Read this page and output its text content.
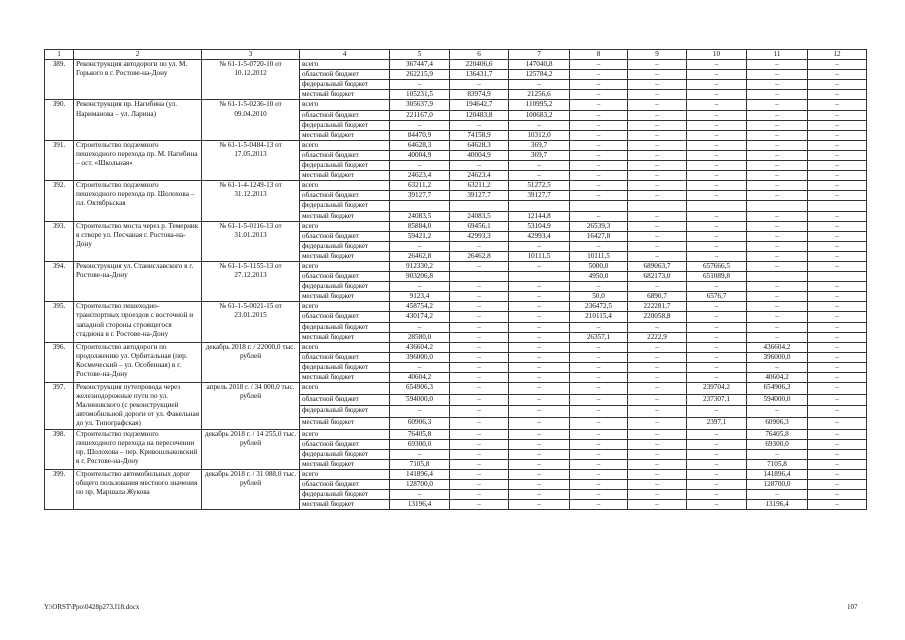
1	2	3	4	5	6	7	8	9	10	11	12
389.	Реконструкция автодороги по ул. М. Горького в г. Ростове-на-Дону	№ 61-1-5-0720-10 от 10.12.2012	всего	367447,4	220406,6	147040,8	–	–	–	–	–
			областной бюджет	262215,9	136431,7	125784,2	–	–	–	–	–
			федеральный бюджет	–	–	–	–	–	–	–	–
			местный бюджет	105231,5	83974,9	21256,6	–	–	–	–	–
390.	Реконструкция пр. Нагибина (ул. Нариманова – ул. Ларина)	№ 61-1-5-0236-10 от 09.04.2010	всего	305637,9	194642,7	110995,2	–	–	–	–	–
			областной бюджет	221167,0	120483,8	100683,2	–	–	–	–	–
			федеральный бюджет	–	–	–	–	–	–	–	–
			местный бюджет	84470,9	74158,9	10312,0	–	–	–	–	–
391.	Строительство подземного пешеходного перехода пр. М. Нагибина – ост. «Школьная»	№ 61-1-5-0484-13 от 17.05.2013	всего	64628,3	64628,3	369,7	–	–	–	–	–
			областной бюджет	40004,9	40004,9	369,7	–	–	–	–	–
			федеральный бюджет	–	–	–	–	–	–	–	–
			местный бюджет	24623,4	24623,4	–	–	–	–	–	–
392.	Строительство подземного пешеходного перехода пр. Шолохова – пл. Октябрьская	№ 61-1-4-1249-13 от 31.12.2013	всего	63211,2	63211,2	51272,5	–	–	–	–	–
			областной бюджет	39127,7	39127,7	39127,7	–	–	–	–	–
			федеральный бюджет								
			местный бюджет	24083,5	24083,5	12144,8	–	–	–	–	–
393.	Строительство моста через р. Темерник в створе ул. Песчаная г. Ростова-на-Дону	№ 61-1-5-0116-13 от 31.01.2013	всего	85884,0	69456,1	53104,9	26539,3	–	–	–	–
			областной бюджет	59421,2	42993,3	42993,4	16427,8	–	–	–	–
			федеральный бюджет	–	–	–	–	–	–	–	–
			местный бюджет	26462,8	26462,8	10111,5	10111,5	–	–	–	–
394.	Реконструкция ул. Станиславского в г. Ростове-на-Дону	№ 61-1-5-1155-13 от 27.12.2013	всего	912330,2	–	–	5000,0	689063,7	657666,5	–	–
			областной бюджет	903206,8			4950,0	682173,0	651089,8		
			федеральный бюджет	–	–	–	–	–	–	–	–
			местный бюджет	9123,4	–	–	50,0	6890,7	6576,7	–	–
395.	Строительство пешеходно-транспортных проездов с восточной и западной стороны строящегося стадиона в г. Ростове-на-Дону	№ 61-1-5-0021-15 от 23.01.2015	всего	458754,2	–	–	236472,5	222281,7	–	–	–
			областной бюджет	430174,2	–	–	210115,4	220058,8	–	–	–
			федеральный бюджет	–	–	–	–	–	–	–	–
			местный бюджет	28580,0	–	–	26357,1	2222,9	–	–	–
396.	Строительство автодороги по продолжению ул. Орбитальная (пер. Космический – ул. Особенная) в г. Ростове-на-Дону	декабрь 2018 г. / 22000,0 тыс. рублей	всего	436604,2	–	–	–	–	–	436604,2	–
			областной бюджет	396000,0	–	–	–	–	–	396000,0	–
			федеральный бюджет	–	–	–	–	–	–	–	–
			местный бюджет	40604,2	–	–	–	–	–	40604,2	–
397.	Реконструкция путепровода через железнодорожные пути по ул. Малиновского (с реконструкцией автомобильной дороги от ул. Факельная до ул. Типографская)	апрель 2018 г. / 34 000,0 тыс. рублей	всего	654906,3	–	–	–	–	239704,2	654906,3	–
			областной бюджет	594000,0	–	–	–	–	237307,1	594000,0	–
			федеральный бюджет	–	–	–	–	–	–	–	–
			местный бюджет	60906,3	–	–	–	–	2397,1	60906,3	–
398.	Строительство подземного пешеходного перехода на пересечении пр. Шолохова – пер. Кривошлыковский в г. Ростове-на-Дону	декабрь 2018 г. / 14 255,0 тыс. рублей	всего	76405,8	–	–	–	–	–	76405,8	–
			областной бюджет	69300,0	–	–	–	–	–	69300,0	–
			федеральный бюджет	–	–	–	–	–	–	–	–
			местный бюджет	7105,8	–	–	–	–	–	7105,8	–
399.	Строительство автомобильных дорог общего пользования местного значения по пр. Маршала Жукова	декабрь 2018 г. / 31 088,0 тыс. рублей	всего	141896,4	–	–	–	–	–	141896,4	–
			областной бюджет	128700,0	–	–	–	–	–	128700,0	–
			федеральный бюджет	–	–	–	–	–	–	–	–
			местный бюджет	13196,4	–	–	–	–	–	13196,4	–
Y:\ORST\Ppo\0428p273.f18.docx	107
